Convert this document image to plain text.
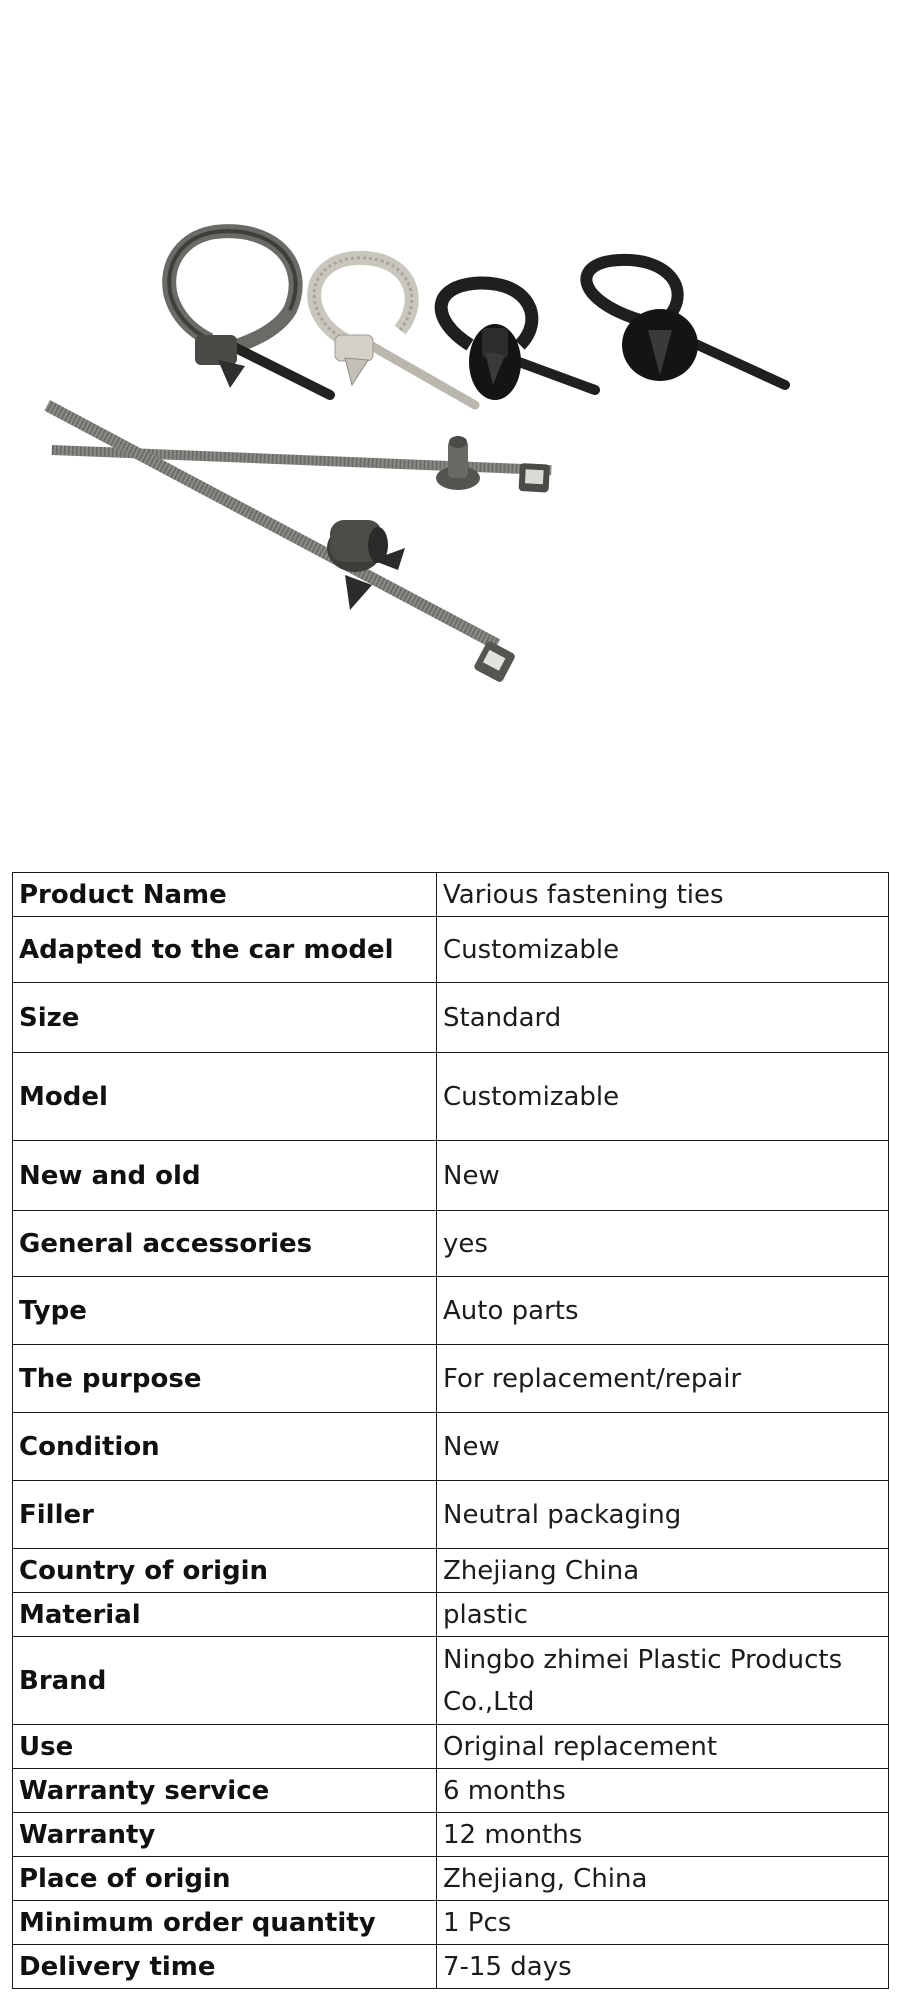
Product Name	Various fastening ties
Adapted to the car model	Customizable
Size	Standard
Model	Customizable
New and old	New
General accessories	yes
Type	Auto parts
The purpose	For replacement/repair
Condition	New
Filler	Neutral packaging
Country of origin	Zhejiang China
Material	plastic
Brand	Ningbo zhimei Plastic Products Co.,Ltd
Use	Original replacement
Warranty service	6 months
Warranty	12 months
Place of origin	Zhejiang, China
Minimum order quantity	1 Pcs
Delivery time	7-15 days
